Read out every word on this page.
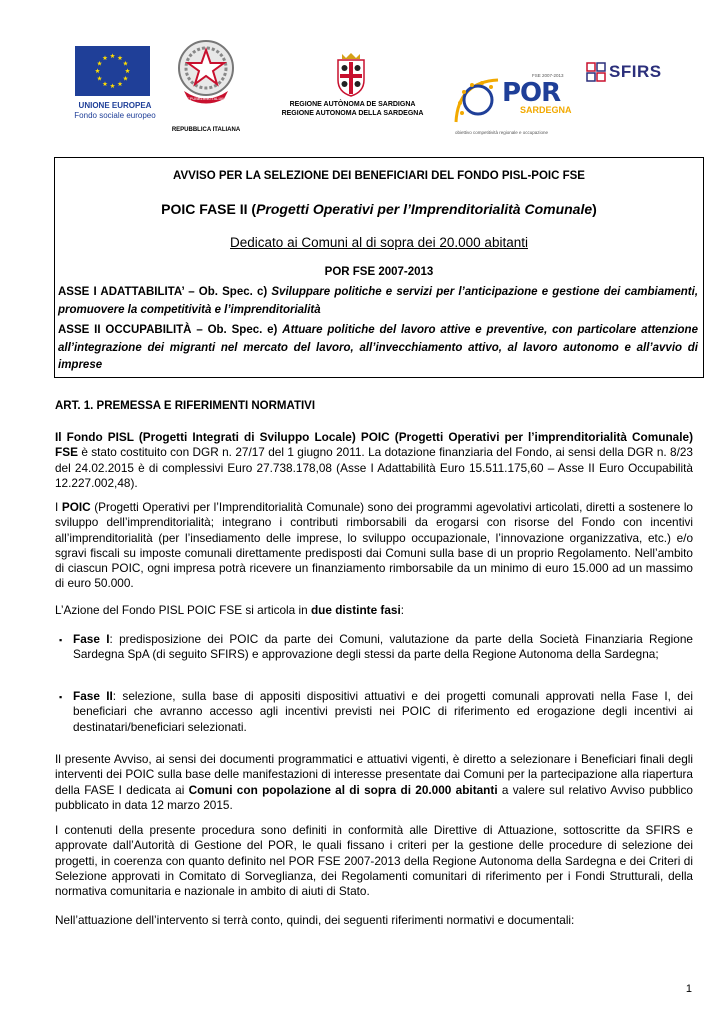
UNIONE EUROPEA
Fondo sociale europeo
REPUBBLICA ITALIANA
REPUBBLICA ITALIANA
REGIONE AUTÒNOMA DE SARDIGNA
REGIONE AUTONOMA DELLA SARDEGNA
FSE 2007-2013
POR
SARDEGNA
obiettivo competitività regionale e occupazione
SFIRS
AVVISO PER LA SELEZIONE DEI BENEFICIARI DEL FONDO PISL-POIC FSE
POIC FASE II (Progetti Operativi per l’Imprenditorialità Comunale)
Dedicato ai Comuni al di sopra dei 20.000 abitanti
POR FSE 2007-2013
ASSE I ADATTABILITA’ – Ob. Spec. c) Sviluppare politiche e servizi per l’anticipazione e gestione dei cambiamenti, promuovere la competitività e l’imprenditorialità
ASSE II OCCUPABILITÀ – Ob. Spec. e) Attuare politiche del lavoro attive e preventive, con particolare attenzione all’integrazione dei migranti nel mercato del lavoro, all’invecchiamento attivo, al lavoro autonomo e all’avvio di imprese
ART. 1. PREMESSA E RIFERIMENTI NORMATIVI
Il Fondo PISL (Progetti Integrati di Sviluppo Locale) POIC (Progetti Operativi per l’imprenditorialità Comunale) FSE è stato costituito con DGR n. 27/17 del 1 giugno 2011. La dotazione finanziaria del Fondo, ai sensi della DGR n. 8/23 del 24.02.2015 è di complessivi Euro 27.738.178,08 (Asse I Adattabilità Euro 15.511.175,60 – Asse II Euro Occupabilità 12.227.002,48).
I POIC (Progetti Operativi per l’Imprenditorialità Comunale) sono dei programmi agevolativi articolati, diretti a sostenere lo sviluppo dell’imprenditorialità; integrano i contributi rimborsabili da erogarsi con risorse del Fondo con incentivi all’imprenditorialità (per l’insediamento delle imprese, lo sviluppo occupazionale, l’innovazione organizzativa, etc.) e/o sgravi fiscali su imposte comunali direttamente predisposti dai Comuni sulla base di un proprio Regolamento. Nell’ambito di ciascun POIC, ogni impresa potrà ricevere un finanziamento rimborsabile da un minimo di euro 15.000 ad un massimo di euro 50.000.
L’Azione del Fondo PISL POIC FSE si articola in due distinte fasi:
▪ Fase I: predisposizione dei POIC da parte dei Comuni, valutazione da parte della Società Finanziaria Regione Sardegna SpA (di seguito SFIRS) e approvazione degli stessi da parte della Regione Autonoma della Sardegna;
▪ Fase II: selezione, sulla base di appositi dispositivi attuativi e dei progetti comunali approvati nella Fase I, dei beneficiari che avranno accesso agli incentivi previsti nei POIC di riferimento ed erogazione degli incentivi ai destinatari/beneficiari selezionati.
Il presente Avviso, ai sensi dei documenti programmatici e attuativi vigenti, è diretto a selezionare i Beneficiari finali degli interventi dei POIC sulla base delle manifestazioni di interesse presentate dai Comuni per la partecipazione alla riapertura della FASE I dedicata ai Comuni con popolazione al di sopra di 20.000 abitanti a valere sul relativo Avviso pubblico pubblicato in data 12 marzo 2015.
I contenuti della presente procedura sono definiti in conformità alle Direttive di Attuazione, sottoscritte da SFIRS e approvate dall’Autorità di Gestione del POR, le quali fissano i criteri per la gestione delle procedure di selezione dei progetti, in coerenza con quanto definito nel POR FSE 2007-2013 della Regione Autonoma della Sardegna e dei Criteri di Selezione approvati in Comitato di Sorveglianza, dei Regolamenti comunitari di riferimento per i Fondi Strutturali, della normativa comunitaria e nazionale in ambito di aiuti di Stato.
Nell’attuazione dell’intervento si terrà conto, quindi, dei seguenti riferimenti normativi e documentali:
1
